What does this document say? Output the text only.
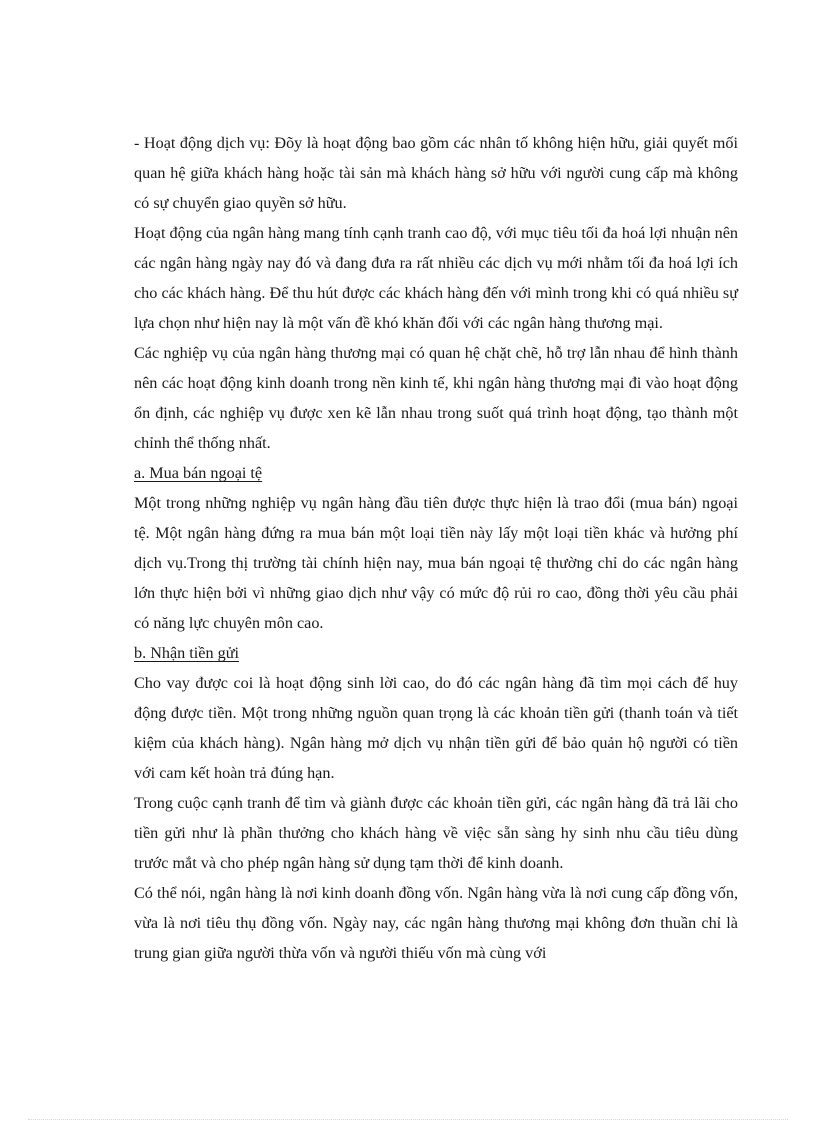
- Hoạt động dịch vụ: Đõy là hoạt động bao gồm các nhân tố không hiện hữu, giải quyết mối quan hệ giữa khách hàng hoặc tài sản mà khách hàng sở hữu với người cung cấp mà không có sự chuyển giao quyền sở hữu.

Hoạt động của ngân hàng mang tính cạnh tranh cao độ, với mục tiêu tối đa hoá lợi nhuận nên các ngân hàng ngày nay đó và đang đưa ra rất nhiều các dịch vụ mới nhằm tối đa hoá lợi ích cho các khách hàng. Để thu hút được các khách hàng đến với mình trong khi có quá nhiều sự lựa chọn như hiện nay là một vấn đề khó khăn đối với các ngân hàng thương mại.

Các nghiệp vụ của ngân hàng thương mại có quan hệ chặt chẽ, hỗ trợ lẫn nhau để hình thành nên các hoạt động kinh doanh trong nền kinh tế, khi ngân hàng thương mại đi vào hoạt động ổn định, các nghiệp vụ được xen kẽ lẫn nhau trong suốt quá trình hoạt động, tạo thành một chỉnh thể thống nhất.

a. Mua bán ngoại tệ

Một trong những nghiệp vụ ngân hàng đầu tiên được thực hiện là trao đổi (mua bán) ngoại tệ. Một ngân hàng đứng ra mua bán một loại tiền này lấy một loại tiền khác và hưởng phí dịch vụ.Trong thị trường tài chính hiện nay, mua bán ngoại tệ thường chỉ do các ngân hàng lớn thực hiện bởi vì những giao dịch như vậy có mức độ rủi ro cao, đồng thời yêu cầu phải có năng lực chuyên môn cao.

b. Nhận tiền gửi

Cho vay được coi là hoạt động sinh lời cao, do đó các ngân hàng đã tìm mọi cách để huy động được tiền. Một trong những nguồn quan trọng là các khoản tiền gửi (thanh toán và tiết kiệm của khách hàng). Ngân hàng mở dịch vụ nhận tiền gửi để bảo quản hộ người có tiền với cam kết hoàn trả đúng hạn.

Trong cuộc cạnh tranh để tìm và giành được các khoản tiền gửi, các ngân hàng đã trả lãi cho tiền gửi như là phần thưởng cho khách hàng về việc sẵn sàng hy sinh nhu cầu tiêu dùng trước mắt và cho phép ngân hàng sử dụng tạm thời để kinh doanh.

Có thể nói, ngân hàng là nơi kinh doanh đồng vốn. Ngân hàng vừa là nơi cung cấp đồng vốn, vừa là nơi tiêu thụ đồng vốn. Ngày nay, các ngân hàng thương mại không đơn thuần chỉ là trung gian giữa người thừa vốn và người thiếu vốn mà cùng với
